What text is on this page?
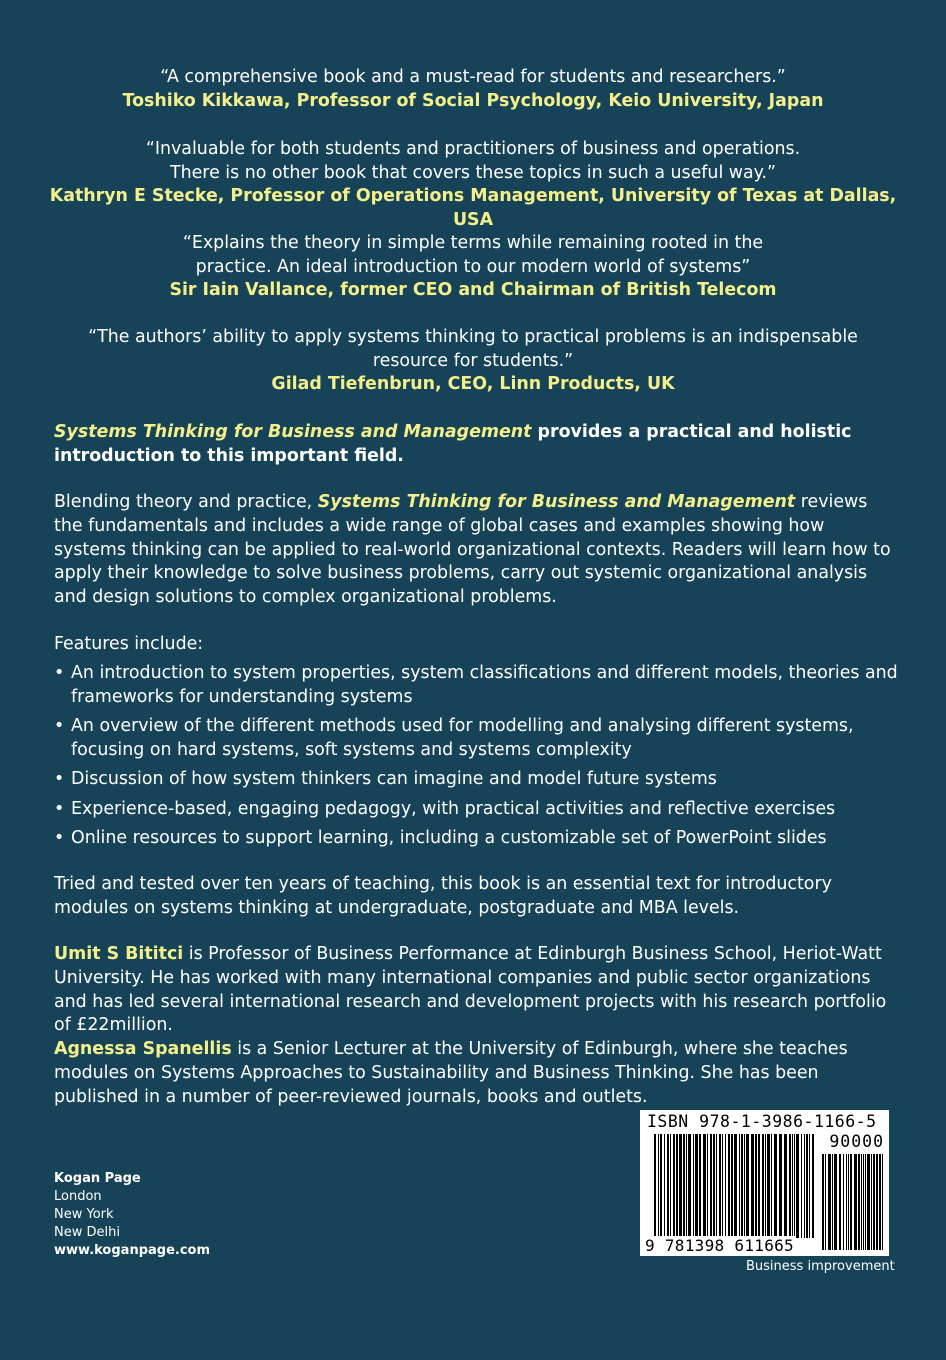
“A comprehensive book and a must-read for students and researchers.”
Toshiko Kikkawa, Professor of Social Psychology, Keio University, Japan
“Invaluable for both students and practitioners of business and operations.
There is no other book that covers these topics in such a useful way.”
Kathryn E Stecke, Professor of Operations Management, University of Texas at Dallas, USA
“Explains the theory in simple terms while remaining rooted in the
practice. An ideal introduction to our modern world of systems”
Sir Iain Vallance, former CEO and Chairman of British Telecom
“The authors’ ability to apply systems thinking to practical problems is an indispensable
resource for students.”
Gilad Tiefenbrun, CEO, Linn Products, UK
Systems Thinking for Business and Management provides a practical and holistic introduction to this important field.
Blending theory and practice, Systems Thinking for Business and Management reviews the fundamentals and includes a wide range of global cases and examples showing how systems thinking can be applied to real-world organizational contexts. Readers will learn how to apply their knowledge to solve business problems, carry out systemic organizational analysis and design solutions to complex organizational problems.
Features include:
• An introduction to system properties, system classifications and different models, theories and frameworks for understanding systems
• An overview of the different methods used for modelling and analysing different systems, focusing on hard systems, soft systems and systems complexity
• Discussion of how system thinkers can imagine and model future systems
• Experience-based, engaging pedagogy, with practical activities and reflective exercises
• Online resources to support learning, including a customizable set of PowerPoint slides
Tried and tested over ten years of teaching, this book is an essential text for introductory modules on systems thinking at undergraduate, postgraduate and MBA levels.
Umit S Bititci is Professor of Business Performance at Edinburgh Business School, Heriot-Watt University. He has worked with many international companies and public sector organizations and has led several international research and development projects with his research portfolio of £22million.
Agnessa Spanellis is a Senior Lecturer at the University of Edinburgh, where she teaches modules on Systems Approaches to Sustainability and Business Thinking. She has been published in a number of peer-reviewed journals, books and outlets.
Kogan Page
London
New York
New Delhi
www.koganpage.com
ISBN 978-1-3986-1166-5
90000
9 781398 611665
Business improvement
